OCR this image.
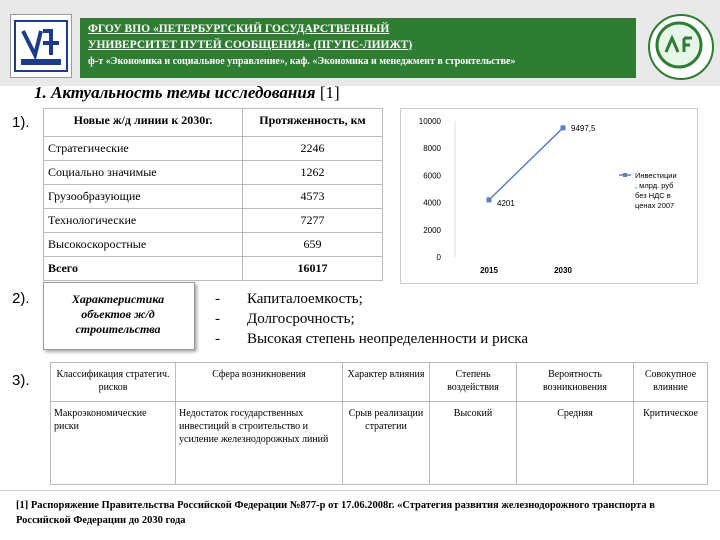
ФГОУ ВПО «ПЕТЕРБУРГСКИЙ ГОСУДАРСТВЕННЫЙ
УНИВЕРСИТЕТ ПУТЕЙ СООБЩЕНИЯ» (ПГУПС-ЛИИЖТ)
ф-т «Экономика и социальное управление», каф. «Экономика и менеджмент в строительстве»
1. Актуальность темы исследования [1]
1).
2).
3).
Новые ж/д линии к 2030г.	Протяженность, км
Стратегические	2246
Социально значимые	1262
Грузообразующие	4573
Технологические	7277
Высокоскоростные	659
Всего	16017
0
2000
4000
6000
8000
10000
2015	2030
4201
9497,5
Инвестиции
, млрд. руб
без НДС в
ценах 2007
Характеристика объектов ж/д строительства
- Капиталоемкость;
- Долгосрочность;
- Высокая степень неопределенности и риска
Классификация стратегич. рисков	Сфера возникновения	Характер влияния	Степень воздействия	Вероятность возникновения	Совокупное влияние
Макроэкономические риски	Недостаток государственных инвестиций в строительство и усиление железнодорожных линий	Срыв реализации стратегии	Высокий	Средняя	Критическое
[1] Распоряжение Правительства Российской Федерации №877-р от 17.06.2008г. «Стратегия развития железнодорожного транспорта в Российской Федерации до 2030 года
